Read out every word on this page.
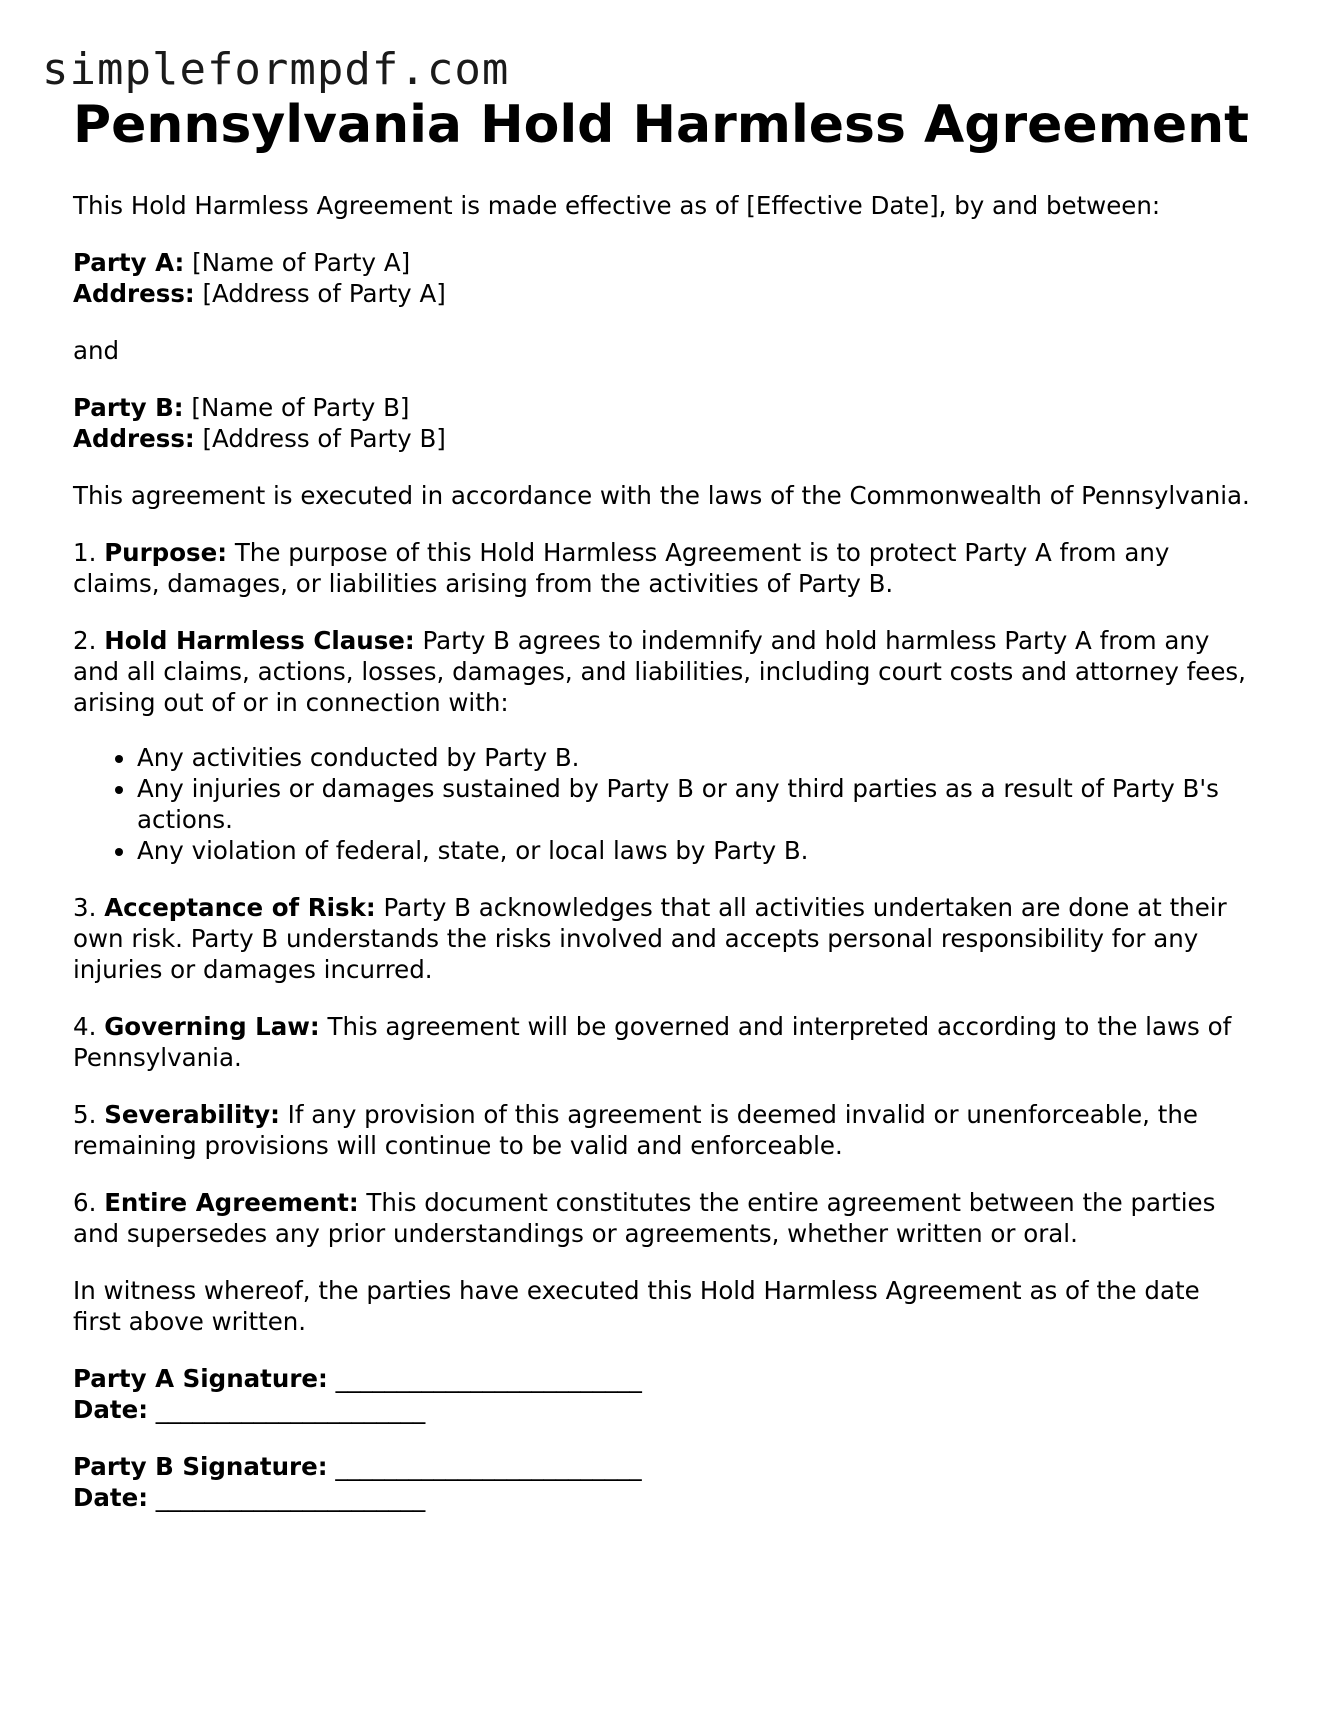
simpleformpdf.com
Pennsylvania Hold Harmless Agreement

This Hold Harmless Agreement is made effective as of [Effective Date], by and between:

Party A: [Name of Party A]
Address: [Address of Party A]

and

Party B: [Name of Party B]
Address: [Address of Party B]

This agreement is executed in accordance with the laws of the Commonwealth of Pennsylvania.

1. Purpose: The purpose of this Hold Harmless Agreement is to protect Party A from any claims, damages, or liabilities arising from the activities of Party B.

2. Hold Harmless Clause: Party B agrees to indemnify and hold harmless Party A from any and all claims, actions, losses, damages, and liabilities, including court costs and attorney fees, arising out of or in connection with:

• Any activities conducted by Party B.
• Any injuries or damages sustained by Party B or any third parties as a result of Party B's actions.
• Any violation of federal, state, or local laws by Party B.

3. Acceptance of Risk: Party B acknowledges that all activities undertaken are done at their own risk. Party B understands the risks involved and accepts personal responsibility for any injuries or damages incurred.

4. Governing Law: This agreement will be governed and interpreted according to the laws of Pennsylvania.

5. Severability: If any provision of this agreement is deemed invalid or unenforceable, the remaining provisions will continue to be valid and enforceable.

6. Entire Agreement: This document constitutes the entire agreement between the parties and supersedes any prior understandings or agreements, whether written or oral.

In witness whereof, the parties have executed this Hold Harmless Agreement as of the date first above written.

Party A Signature: _________________________
Date: ______________________
Party B Signature: _________________________
Date: ______________________
